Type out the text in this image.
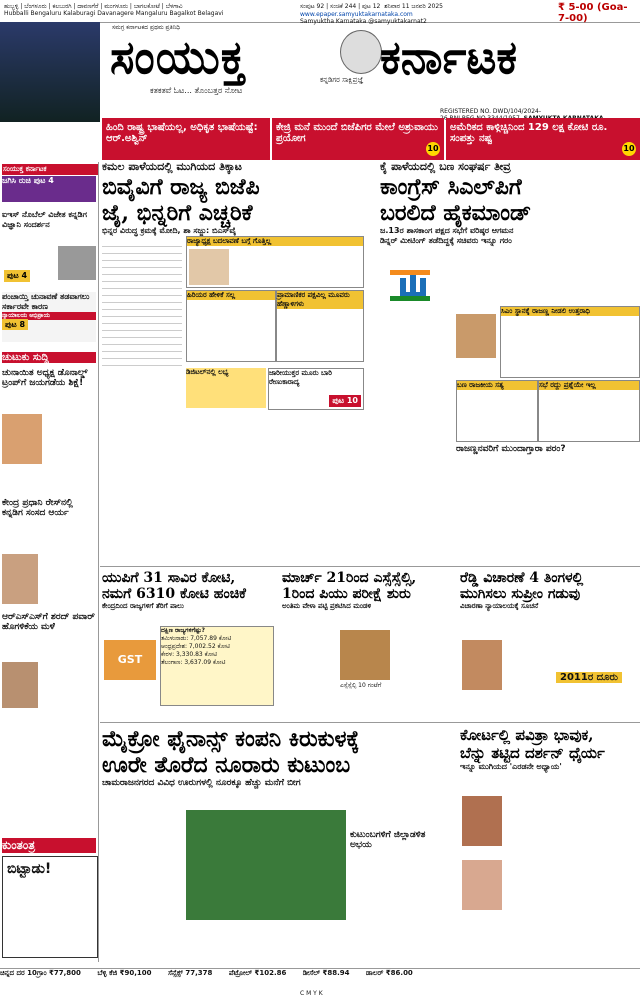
ಹುಬ್ಬಳ್ಳಿ | ಬೆಂಗಳೂರು | ಕಲಬುರಗಿ | ದಾವಣಗೆರೆ | ಮಂಗಳೂರು | ಬಾಗಲಕೋಟೆ | ಬೆಳಗಾವಿ
Hubballi Bengaluru Kalaburagi Davanagere Mangaluru Bagalkot Belagavi
ಸಂಪುಟ 92 | ಸಂಚಿಕೆ 244 | ಪುಟ 12 ಶನಿವಾರ 11 ಜನವರಿ 2025
www.epaper.samyuktakarnataka.com
Samyuktha Karnataka @samyuktakarnat2
₹ 5-00 (Goa-7-00)
ಸಮಗ್ರ ಕರ್ನಾಟಕದ ಪ್ರಥಮ ಪ್ರತಿನಿಧಿ
ಸಂಯುಕ್ತ	ಕನ್ನಡಿಗರ ಸಾಕ್ಷಿಪ್ರಜ್ಞೆ ಕರ್ನಾಟಕ
ಕತಕತವೆ ಓಟ... ತೊಂಬತ್ತರ ನೋಟ
REGISTERED NO. DWD/104/2024-
ಹಿಂದಿ ರಾಷ್ಟ್ರ ಭಾಷೆಯಲ್ಲ, ಅಧಿಕೃತ ಭಾಷೆಯಷ್ಟೆ: ಆರ್.ಅಶ್ವಿನ್
ಕೇಜ್ರಿ ಮನೆ ಮುಂದೆ ಬಿಜೆಪಿಗರ ಮೇಲೆ ಅಶ್ರುವಾಯು ಪ್ರಯೋಗ
10
ಅಮೆರಿಕದ ಕಾಳ್ಗಿಚ್ಚಿನಿಂದ 129 ಲಕ್ಷ ಕೋಟಿ ರೂ. ಸಂಪತ್ತು ನಷ್ಟ
10
ಸಂಯುಕ್ತ ಕರ್ನಾಟಕ
ಜಗಿಸಿ ರುಚಿ ಪುಟ 4
ಐಇಸ್ ನೊಬೆಲ್ ವಿಜೇತ ಕನ್ನಡಿಗ ವಿಜ್ಞಾನಿ ಸಂದರ್ಶನ
ಪುಟ 4
ಪಂಚಾಯ್ತಿ ಚುನಾವಣೆ ತಡವಾಗಲು ಸರ್ಕಾರವೇ ಕಾರಣ
ನ್ಯಾಯಾಲಯ ಅಭಿಪ್ರಾಯ
ಪುಟ 8
ಚುಟುಕು ಸುದ್ದಿ
ಚುನಾಯಿತ ಅಧ್ಯಕ್ಷ ಡೊನಾಲ್ಡ್ ಟ್ರಂಪ್‌ಗೆ ಜಯಗಡೆಯ ಶಿಕ್ಷೆ!
ಕೇಂದ್ರ ಪ್ರಧಾನಿ ರೇಸ್‌ನಲ್ಲಿ ಕನ್ನಡಿಗ ಸಂಸದ ಆರ್ಯ
ಆರ್‌ಎಸ್‌ಎಸ್‌ಗೆ ಶರದ್ ಪವಾರ್ ಹೊಗಳಿಕೆಯ ಮಳೆ
ಕುಂತಂತ್ರ
ಬಿಟ್ಟಾಡು!
ಕಮಲ ಪಾಳೆಯದಲ್ಲಿ ಮುಗಿಯದ ತಿಕ್ಕಾಟ
ಬಿವೈವಿಗೆ ರಾಜ್ಯ ಬಿಜೆಪಿ
ಜೈ, ಭಿನ್ನರಿಗೆ ಎಚ್ಚರಿಕೆ
ಭಿನ್ನರ ವಿರುದ್ಧ ಕ್ರಮಕ್ಕೆ ಮೋದಿ, ಶಾ ಸಜ್ಜು: ಬಿಎಸ್‌ವೈ
ರಾಜ್ಯಾಧ್ಯಕ್ಷ ಬದಲಾವಣೆ ಬಗ್ಗೆ ಗೊತ್ತಿಲ್ಲ
ಹಿರಿಯರ ಹೇಳಿಕೆ ಸಲ್ಲ	ಪ್ರಾಮಾಣಿಕರ ಪಕ್ಷವಿಲ್ಲ ಮೂವರು ಹೆಣ್ಣಾಳಿಗಳು
ಡಿಜಿಟಲ್‌ನಲ್ಲಿ ಲಭ್ಯ	ಜಾರೀಯುಕ್ತರ ಮೂರು ಬಾರಿ ರೇಣುಕಾರಾದ್ಯ
ಪುಟ 10
ಕೈ ಪಾಳೆಯದಲ್ಲಿ ಬಣ ಸಂಘರ್ಷ ತೀವ್ರ
ಕಾಂಗ್ರೆಸ್ ಸಿಎಲ್‌ಪಿಗೆ
ಬರಲಿದೆ ಹೈಕಮಾಂಡ್
ಜ.13ರ ಶಾಸಕಾಂಗ ಪಕ್ಷದ ಸಭೆಗೆ ವರಿಷ್ಠರ ಆಗಮನ
ಡಿನ್ನರ್ ಮೀಟಿಂಗ್ ತಡೆದಿದ್ದಕ್ಕೆ ಸಚಿವರು ಇನ್ನೂ ಗರಂ
ಸಿಎಂ ಸ್ಥಾನಕ್ಕೆ ರಾಜಣ್ಣ ನೀಡಲಿ ಉತ್ತರಾಧಿ
ಬಣ ರಾಜಕೀಯ ಸತ್ಯ	ಸಭೆ ರದ್ದು ಪ್ರಶ್ನೆಯೇ ಇಲ್ಲ
ರಾಜಣ್ಣನವರಿಗೆ ಮುಂದಾಗ್ತಾರಾ ಪರಂ?
ಯುಪಿಗೆ 31 ಸಾವಿರ ಕೋಟಿ,
ನಮಗೆ 6310 ಕೋಟಿ ಹಂಚಿಕೆ
ಕೇಂದ್ರದಿಂದ ರಾಜ್ಯಗಳಿಗೆ ತೆರಿಗೆ ಪಾಲು
ದಕ್ಷಿಣ ರಾಜ್ಯಗಳಿಗೆಷ್ಟು?
ತಮಿಳುನಾಡು: 7,057.89 ಕೋಟಿ
ಆಂಧ್ರಪ್ರದೇಶ: 7,002.52 ಕೋಟಿ
ಕೇರಳ: 3,330.83 ಕೋಟಿ
ತೆಲಂಗಾಣ: 3,637.09 ಕೋಟಿ
GST
ಮಾರ್ಚ್ 21ರಿಂದ ಎಸ್ಸೆಸ್ಸೆಲ್ಸಿ,
1ರಿಂದ ಪಿಯು ಪರೀಕ್ಷೆ ಶುರು
ಅಂತಿಮ ವೇಳಾ ಪಟ್ಟಿ ಪ್ರಕಟಿಸಿದ ಮಂಡಳಿ
ಎಸ್ಸೆಸ್ಸೆಲ್ಸಿ 10 ಗಂಟೆಗೆ
ರೆಡ್ಡಿ ವಿಚಾರಣೆ 4 ತಿಂಗಳಲ್ಲಿ
ಮುಗಿಸಲು ಸುಪ್ರೀಂ ಗಡುವು
ವಿಚಾರಣಾ ನ್ಯಾಯಾಲಯಕ್ಕೆ ಸೂಚನೆ
2011ರ ದೂರು
ಮೈಕ್ರೋ ಫೈನಾನ್ಸ್ ಕಂಪನಿ ಕಿರುಕುಳಕ್ಕೆ
ಊರೇ ತೊರೆದ ನೂರಾರು ಕುಟುಂಬ
ಚಾಮರಾಜನಗರದ ವಿವಿಧ ಊರುಗಳಲ್ಲಿ ನೂರಕ್ಕೂ ಹೆಚ್ಚು ಮನೆಗೆ ಬೀಗ
ಕುಟುಂಬಗಳಿಗೆ ಜಿಲ್ಲಾಡಳಿತ ಅಭಯ
ಕೋರ್ಟಲ್ಲಿ ಪವಿತ್ರಾ ಭಾವುಕ,
ಬೆನ್ನು ತಟ್ಟಿದ ದರ್ಶನ್ ಧೈರ್ಯ
ಇನ್ನೂ ಮುಗಿಯದ 'ಎರಡನೇ ಅಧ್ಯಾಯ'
ಚಿನ್ನದ ದರ 10ಗ್ರಾಂ ₹77,800 ಬೆಳ್ಳಿ ಕೆಜಿ ₹90,100 ಸೆನ್ಸೆಕ್ಸ್ 77,378 ಪೆಟ್ರೋಲ್ ₹102.86 ಡೀಸೆಲ್ ₹88.94 ಡಾಲರ್ ₹86.00
C M Y K
